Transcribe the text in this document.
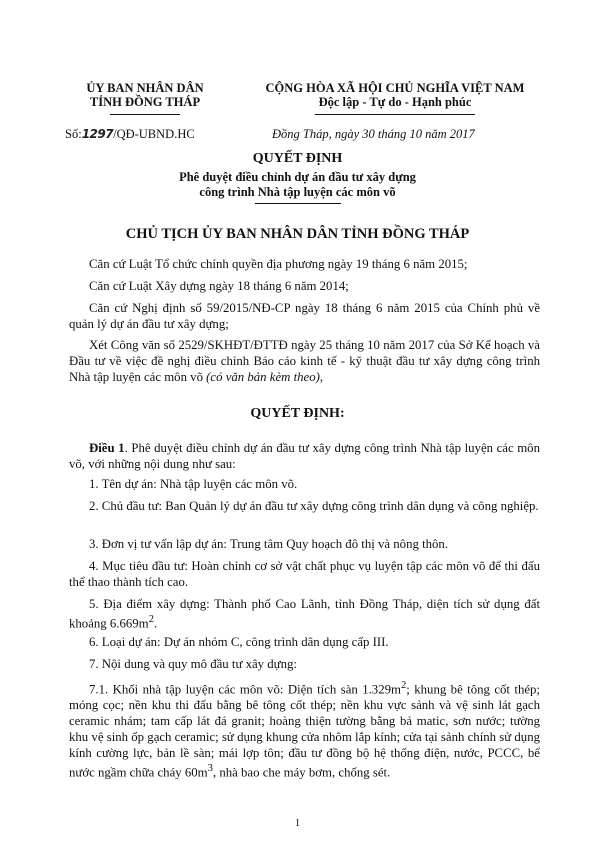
ỦY BAN NHÂN DÂN
TỈNH ĐỒNG THÁP
CỘNG HÒA XÃ HỘI CHỦ NGHĨA VIỆT NAM
Độc lập - Tự do - Hạnh phúc
Số:1297/QĐ-UBND.HC	Đồng Tháp, ngày 30 tháng 10 năm 2017
QUYẾT ĐỊNH
Phê duyệt điều chỉnh dự án đầu tư xây dựng
công trình Nhà tập luyện các môn võ
CHỦ TỊCH ỦY BAN NHÂN DÂN TỈNH ĐỒNG THÁP
Căn cứ Luật Tổ chức chính quyền địa phương ngày 19 tháng 6 năm 2015;
Căn cứ Luật Xây dựng ngày 18 tháng 6 năm 2014;
Căn cứ Nghị định số 59/2015/NĐ-CP ngày 18 tháng 6 năm 2015 của Chính phủ về quản lý dự án đầu tư xây dựng;
Xét Công văn số 2529/SKHĐT/ĐTTĐ ngày 25 tháng 10 năm 2017 của Sở Kế hoạch và Đầu tư về việc đề nghị điều chỉnh Báo cáo kinh tế - kỹ thuật đầu tư xây dựng công trình Nhà tập luyện các môn võ (có văn bản kèm theo),
QUYẾT ĐỊNH:
Điều 1. Phê duyệt điều chỉnh dự án đầu tư xây dựng công trình Nhà tập luyện các môn võ, với những nội dung như sau:
1. Tên dự án: Nhà tập luyện các môn võ.
2. Chủ đầu tư: Ban Quản lý dự án đầu tư xây dựng công trình dân dụng và công nghiệp.
3. Đơn vị tư vấn lập dự án: Trung tâm Quy hoạch đô thị và nông thôn.
4. Mục tiêu đầu tư: Hoàn chỉnh cơ sở vật chất phục vụ luyện tập các môn võ để thi đấu thể thao thành tích cao.
5. Địa điểm xây dựng: Thành phố Cao Lãnh, tỉnh Đồng Tháp, diện tích sử dụng đất khoảng $6.669m^2$.
6. Loại dự án: Dự án nhóm C, công trình dân dụng cấp III.
7. Nội dung và quy mô đầu tư xây dựng:
7.1. Khối nhà tập luyện các môn võ: Diện tích sàn $1.329m^2$; khung bê tông cốt thép; móng cọc; nền khu thi đấu bằng bê tông cốt thép; nền khu vực sảnh và vệ sinh lát gạch ceramic nhám; tam cấp lát đá granit; hoàng thiện tường bằng bả matic, sơn nước; tường khu vệ sinh ốp gạch ceramic; sử dụng khung cửa nhôm lắp kính; cửa tại sảnh chính sử dụng kính cường lực, bản lề sàn; mái lợp tôn; đầu tư đồng bộ hệ thống điện, nước, PCCC, bể nước ngầm chữa cháy $60m^3$, nhà bao che máy bơm, chống sét.
1
